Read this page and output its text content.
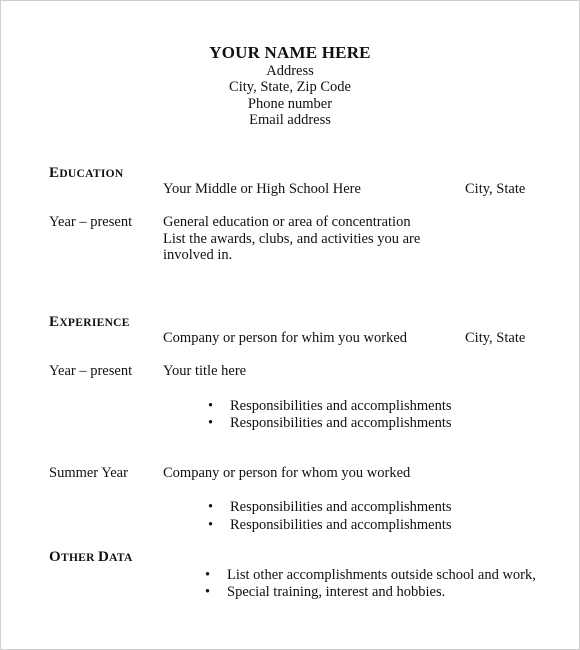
YOUR NAME HERE
Address
City, State, Zip Code
Phone number
Email address
EDUCATION
Your Middle or High School Here	City, State
Year – present General education or area of concentration
List the awards, clubs, and activities you are
involved in.
EXPERIENCE
Company or person for whim you worked	City, State
Year – present Your title here
• Responsibilities and accomplishments
• Responsibilities and accomplishments
Summer Year Company or person for whom you worked
• Responsibilities and accomplishments
• Responsibilities and accomplishments
OTHER DATA
• List other accomplishments outside school and work,
• Special training, interest and hobbies.
